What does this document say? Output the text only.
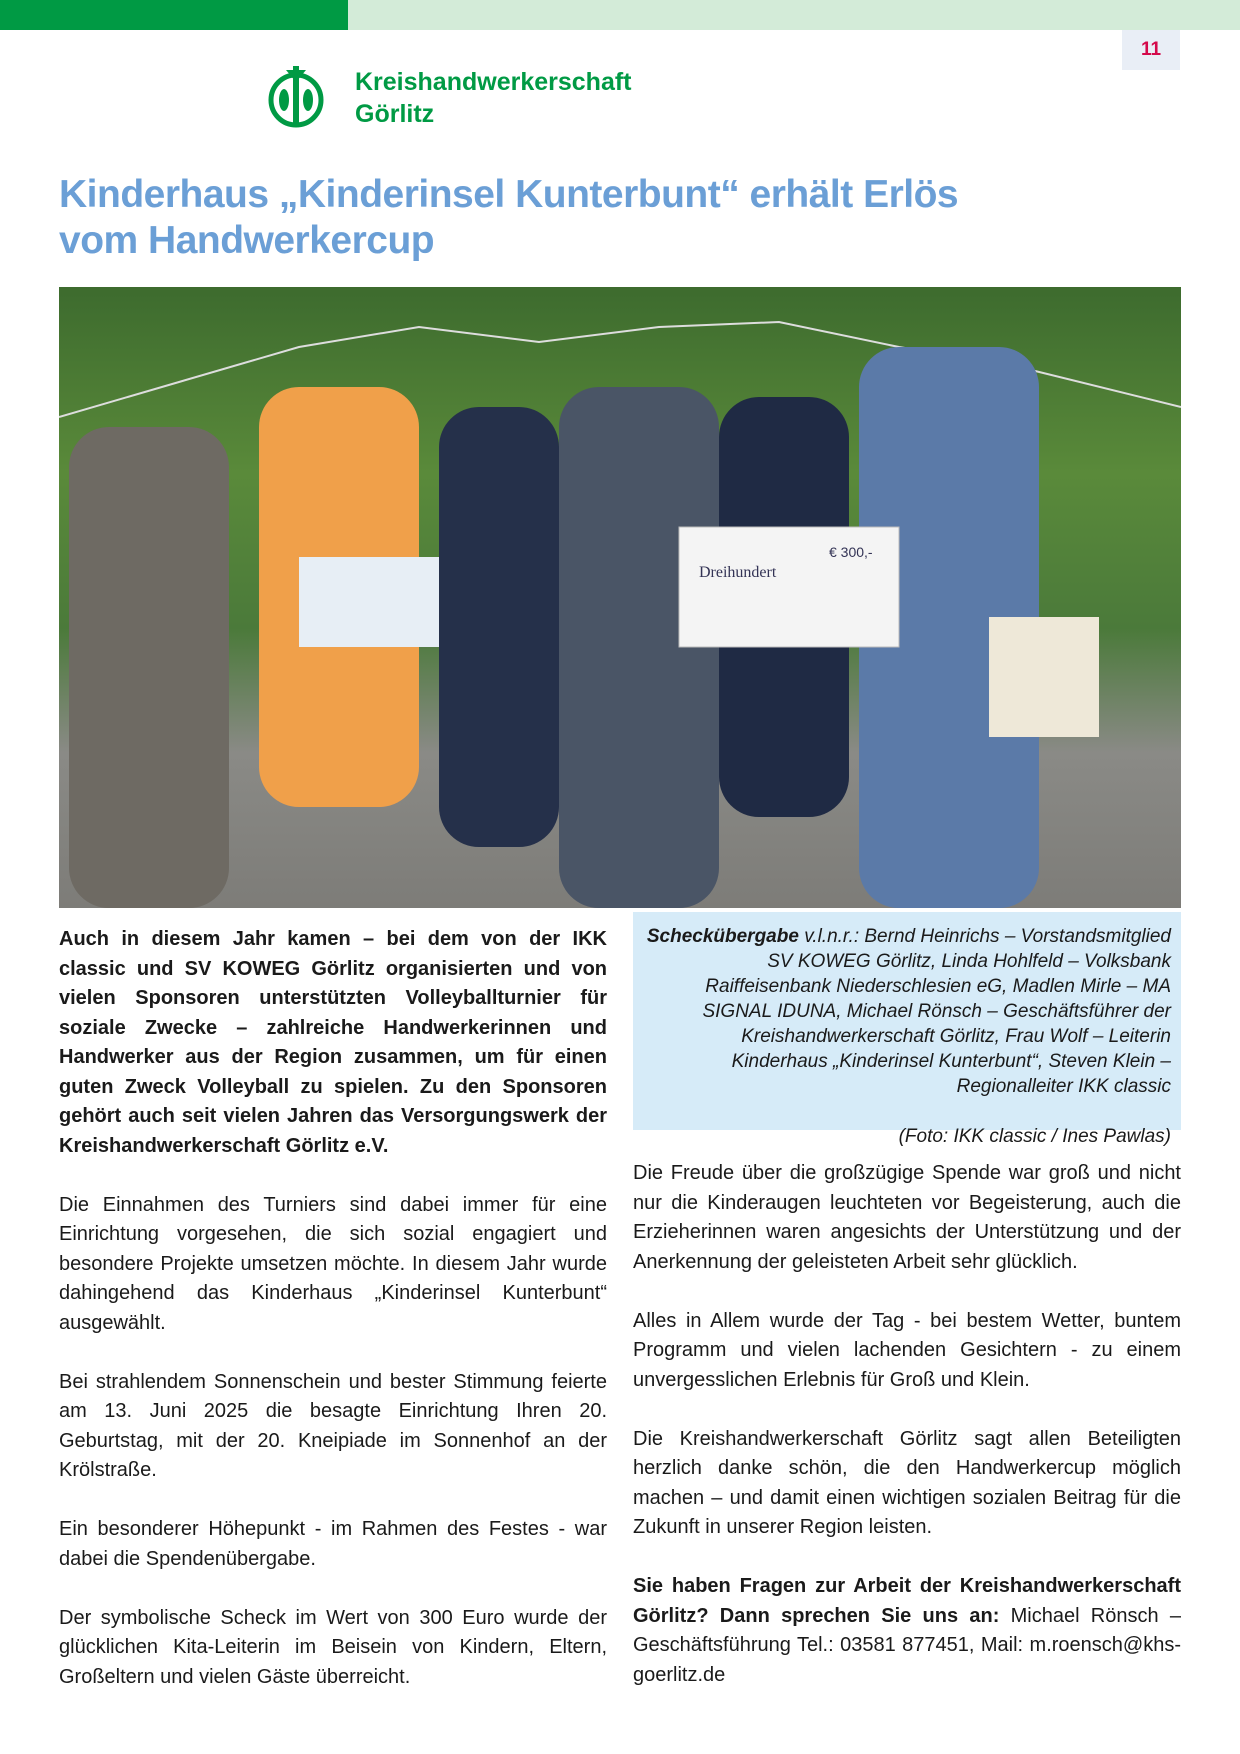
11
Kreishandwerkerschaft
Görlitz
Kinderhaus „Kinderinsel Kunterbunt“ erhält Erlös
vom Handwerkercup
Dreihundert
€ 300,-

Auch in diesem Jahr kamen – bei dem von der IKK classic und SV KOWEG Görlitz organisierten und von vielen Sponsoren unterstützten Volleyballturnier für soziale Zwecke – zahlreiche Handwerkerinnen und Handwerker aus der Region zusammen, um für einen guten Zweck Volleyball zu spielen. Zu den Sponsoren gehört auch seit vielen Jahren das Versorgungswerk der Kreishandwerkerschaft Görlitz e.V.

Die Einnahmen des Turniers sind dabei immer für eine Einrichtung vorgesehen, die sich sozial engagiert und besondere Projekte umsetzen möchte. In diesem Jahr wurde dahingehend das Kinderhaus „Kinderinsel Kunterbunt“ ausgewählt.

Bei strahlendem Sonnenschein und bester Stimmung feierte am 13. Juni 2025 die besagte Einrichtung Ihren 20. Geburtstag, mit der 20. Kneipiade im Sonnenhof an der Krölstraße.

Ein besonderer Höhepunkt - im Rahmen des Festes - war dabei die Spendenübergabe.

Der symbolische Scheck im Wert von 300 Euro wurde der glücklichen Kita-Leiterin im Beisein von Kindern, Eltern, Großeltern und vielen Gäste überreicht.

Scheckübergabe v.l.n.r.: Bernd Heinrichs – Vorstandsmitglied SV KOWEG Görlitz, Linda Hohlfeld – Volksbank Raiffeisenbank Niederschlesien eG, Madlen Mirle – MA SIGNAL IDUNA, Michael Rönsch – Geschäftsführer der Kreishandwerkerschaft Görlitz, Frau Wolf – Leiterin Kinderhaus „Kinderinsel Kunterbunt“, Steven Klein – Regionalleiter IKK classic
(Foto: IKK classic / Ines Pawlas)

Die Freude über die großzügige Spende war groß und nicht nur die Kinderaugen leuchteten vor Begeisterung, auch die Erzieherinnen waren angesichts der Unterstützung und der Anerkennung der geleisteten Arbeit sehr glücklich.

Alles in Allem wurde der Tag - bei bestem Wetter, buntem Programm und vielen lachenden Gesichtern - zu einem unvergesslichen Erlebnis für Groß und Klein.

Die Kreishandwerkerschaft Görlitz sagt allen Beteiligten herzlich danke schön, die den Handwerkercup möglich machen – und damit einen wichtigen sozialen Beitrag für die Zukunft in unserer Region leisten.

Sie haben Fragen zur Arbeit der Kreishandwerkerschaft Görlitz? Dann sprechen Sie uns an: Michael Rönsch – Geschäftsführung Tel.: 03581 877451, Mail: m.roensch@khs-goerlitz.de
